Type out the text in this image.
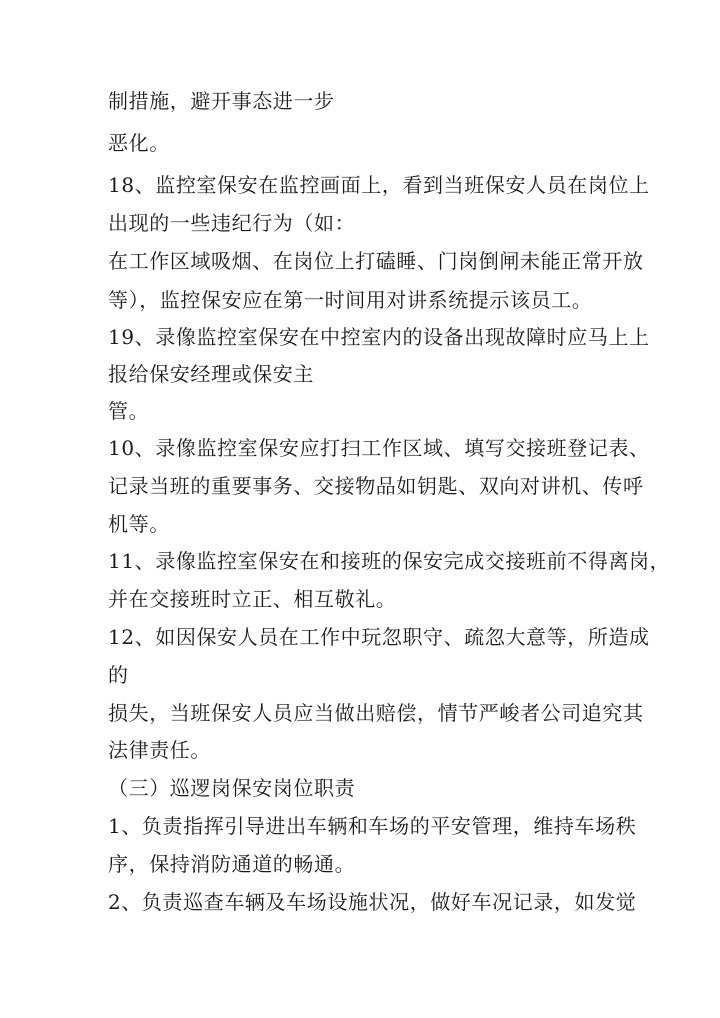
制措施，避开事态进一步
恶化。
18、监控室保安在监控画面上，看到当班保安人员在岗位上
出现的一些违纪行为（如：
在工作区域吸烟、在岗位上打磕睡、门岗倒闸未能正常开放
等），监控保安应在第一时间用对讲系统提示该员工。
19、录像监控室保安在中控室内的设备出现故障时应马上上
报给保安经理或保安主
管。
10、录像监控室保安应打扫工作区域、填写交接班登记表、
记录当班的重要事务、交接物品如钥匙、双向对讲机、传呼
机等。
11、录像监控室保安在和接班的保安完成交接班前不得离岗，
并在交接班时立正、相互敬礼。
12、如因保安人员在工作中玩忽职守、疏忽大意等，所造成
的
损失，当班保安人员应当做出赔偿，情节严峻者公司追究其
法律责任。
（三）巡逻岗保安岗位职责
1、负责指挥引导进出车辆和车场的平安管理，维持车场秩
序，保持消防通道的畅通。
2、负责巡查车辆及车场设施状况，做好车况记录，如发觉
